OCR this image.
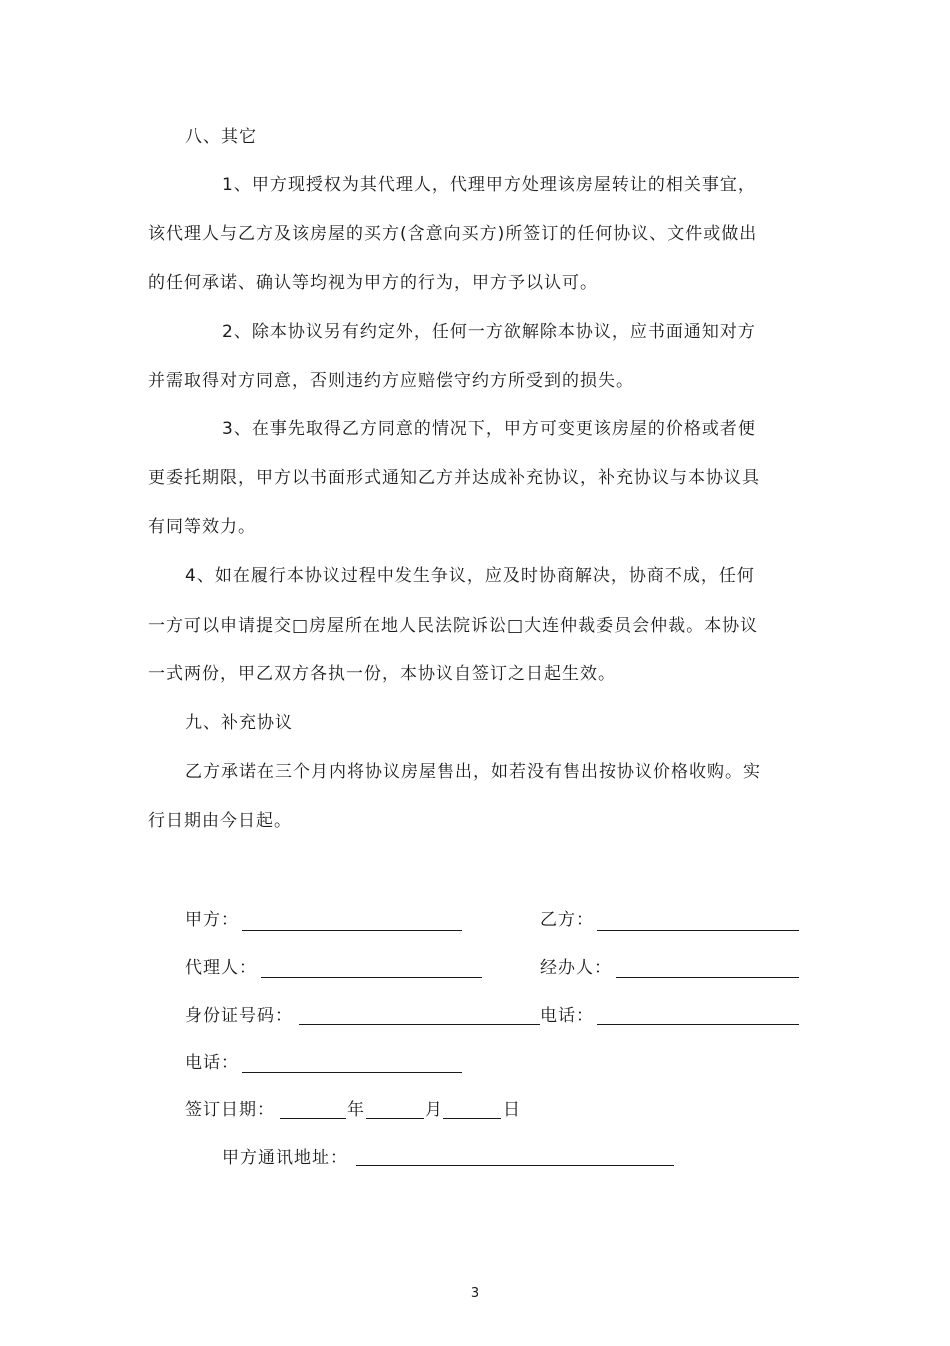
八、其它
1、甲方现授权为其代理人，代理甲方处理该房屋转让的相关事宜，
该代理人与乙方及该房屋的买方(含意向买方)所签订的任何协议、文件或做出
的任何承诺、确认等均视为甲方的行为，甲方予以认可。
2、除本协议另有约定外，任何一方欲解除本协议，应书面通知对方
并需取得对方同意，否则违约方应赔偿守约方所受到的损失。
3、在事先取得乙方同意的情况下，甲方可变更该房屋的价格或者便
更委托期限，甲方以书面形式通知乙方并达成补充协议，补充协议与本协议具
有同等效力。
4、如在履行本协议过程中发生争议，应及时协商解决，协商不成，任何
一方可以申请提交□房屋所在地人民法院诉讼□大连仲裁委员会仲裁。本协议
一式两份，甲乙双方各执一份，本协议自签订之日起生效。
九、补充协议
乙方承诺在三个月内将协议房屋售出，如若没有售出按协议价格收购。实
行日期由今日起。
甲方：	乙方：
代理人：	经办人：
身份证号码：	电话：
电话：
签订日期：	年	月	日
甲方通讯地址：
3
